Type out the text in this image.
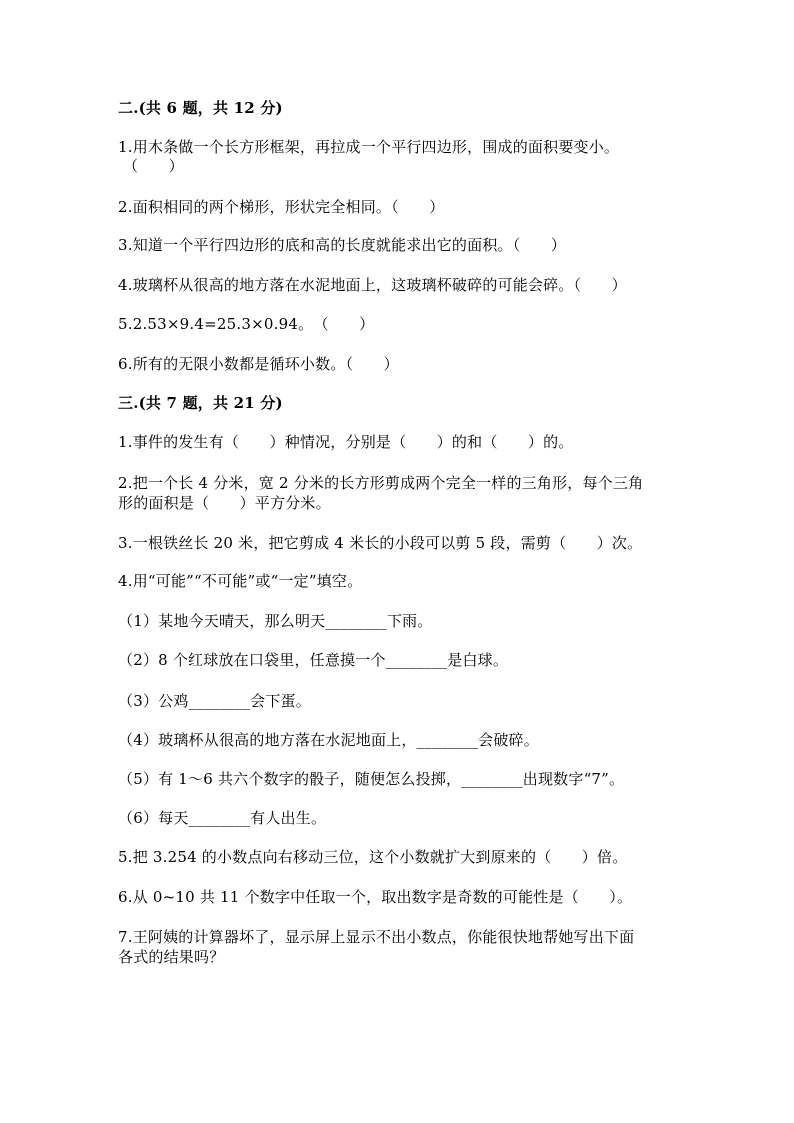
二.(共 6 题，共 12 分)
1.用木条做一个长方形框架，再拉成一个平行四边形，围成的面积要变小。
（　　）
2.面积相同的两个梯形，形状完全相同。（　　）
3.知道一个平行四边形的底和高的长度就能求出它的面积。（　　）
4.玻璃杯从很高的地方落在水泥地面上，这玻璃杯破碎的可能会碎。（　　）
5.2.53×9.4=25.3×0.94。　（　　）
6.所有的无限小数都是循环小数。（　　）
三.(共 7 题，共 21 分)
1.事件的发生有（　　）种情况，分别是（　　）的和（　　）的。
2.把一个长 4 分米，宽 2 分米的长方形剪成两个完全一样的三角形，每个三角
形的面积是（　　）平方分米。
3.一根铁丝长 20 米，把它剪成 4 米长的小段可以剪 5 段，需剪（　　）次。
4.用“可能”“不可能”或“一定”填空。
（1）某地今天晴天，那么明天________下雨。
（2）8 个红球放在口袋里，任意摸一个________是白球。
（3）公鸡________会下蛋。
（4）玻璃杯从很高的地方落在水泥地面上，________会破碎。
（5）有 1～6 共六个数字的骰子，随便怎么投掷，________出现数字“7”。
（6）每天________有人出生。
5.把 3.254 的小数点向右移动三位，这个小数就扩大到原来的（　　）倍。
6.从 0~10 共 11 个数字中任取一个，取出数字是奇数的可能性是（　　）。
7.王阿姨的计算器坏了，显示屏上显示不出小数点，你能很快地帮她写出下面
各式的结果吗？
